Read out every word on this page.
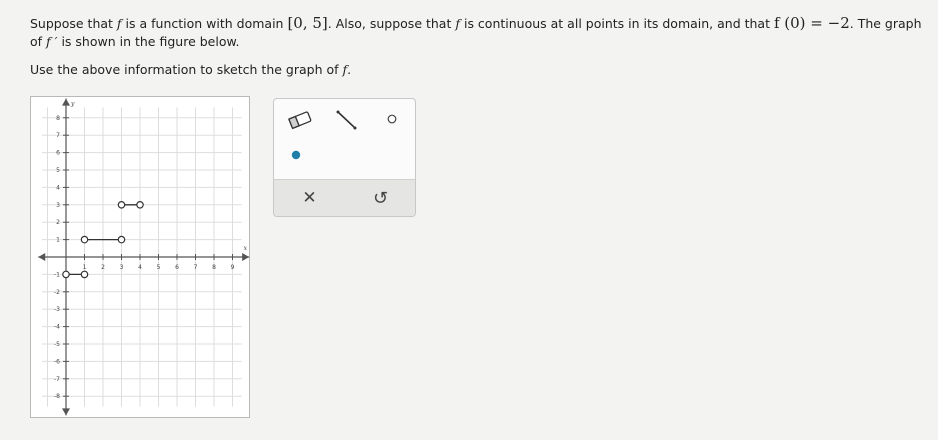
Suppose that f is a function with domain [0, 5]. Also, suppose that f is continuous at all points in its domain, and that f (0) = −2. The graph of f ′ is shown in the figure below.
Use the above information to sketch the graph of f.
1 2 3 4 5 6 7 8 9
1
2
3
4
5
6
7
8
-1
-2
-3
-4
-5
-6
-7
-8
x
y
✕	↺
